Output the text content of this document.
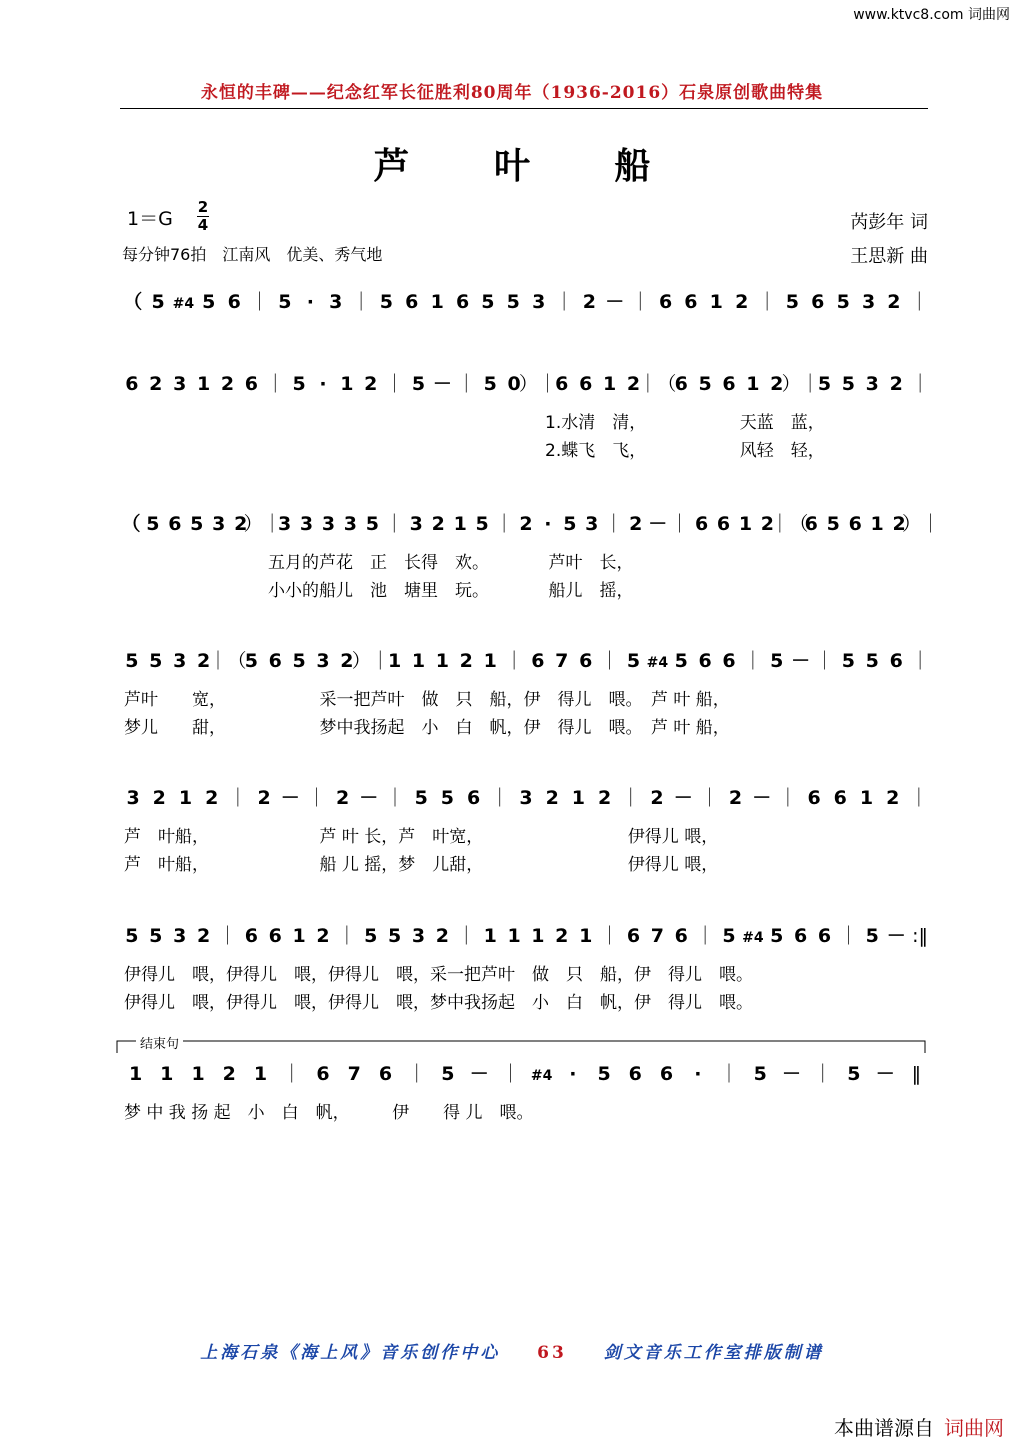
www.ktvc8.com 词曲网
永恒的丰碑——纪念红军长征胜利80周年（1936-2016）石泉原创歌曲特集
芦 叶 船
1＝G
2
4
每分钟76拍　江南风　优美、秀气地
芮彭年 词
王思新 曲
（ 5 #4 5 6 ｜ 5 · 3 ｜ 5 6 1 6 5 5 3 ｜ 2 － ｜ 6 6 1 2 ｜ 5 6 5 3 2 ｜
6 2 3 1 2 6 ｜ 5 · 1 2 ｜ 5 － ｜ 5 0
）｜
6 6 1 2
｜（
6 5 6 1 2
）｜
5 5 3 2 ｜
1.水清　清，　　　　　　天蓝　蓝，
2.蝶飞　飞，　　　　　　风轻　轻，
（ 5 6 5 3 2
）｜
3 3 3 3 5 ｜ 3 2 1 5 ｜ 2 · 5 3 ｜ 2 － ｜ 6 6 1 2
｜（
6 5 6 1 2
）｜
五月的芦花　正　长得　欢。　　　　芦叶　长，
小小的船儿　池　塘里　玩。　　　　船儿　摇，
5 5 3 2
｜（
5 6 5 3 2
）｜
1 1 1 2 1 ｜ 6 7 6 ｜ 5 #4 5 6 6 ｜ 5 － ｜ 5 5 6 ｜
芦叶　　宽，　　　　　　采一把芦叶　做　只　船，伊　得儿　喂。　芦 叶 船，
梦儿　　甜，　　　　　　梦中我扬起　小　白　帆，伊　得儿　喂。　芦 叶 船，
3 2 1 2 ｜ 2 － ｜ 2 － ｜ 5 5 6 ｜ 3 2 1 2 ｜ 2 － ｜ 2 － ｜ 6 6 1 2 ｜
芦　叶船，　　　　　　　芦 叶 长，芦　叶宽，　　　　　　　　　伊得儿 喂，
芦　叶船，　　　　　　　船 儿 摇，梦　儿甜，　　　　　　　　　伊得儿 喂，
5 5 3 2 ｜ 6 6 1 2 ｜ 5 5 3 2 ｜ 1 1 1 2 1 ｜ 6 7 6 ｜ 5 #4 5 6 6 ｜ 5 － :‖
伊得儿　喂，伊得儿　喂，伊得儿　喂，采一把芦叶　做　只　船，伊　得儿　喂。
伊得儿　喂，伊得儿　喂，伊得儿　喂，梦中我扬起　小　白　帆，伊　得儿　喂。
1 1 1 2 1 ｜ 6 7 6 ｜ 5 － ｜ #4 · 5 6 6 · ｜ 5 － ｜ 5 － ‖
梦 中 我 扬 起　小　白　帆，　　　伊　　得 儿　喂。
结束句
上海石泉《海上风》音乐创作中心 63 剑文音乐工作室排版制谱
本曲谱源自 词曲网
